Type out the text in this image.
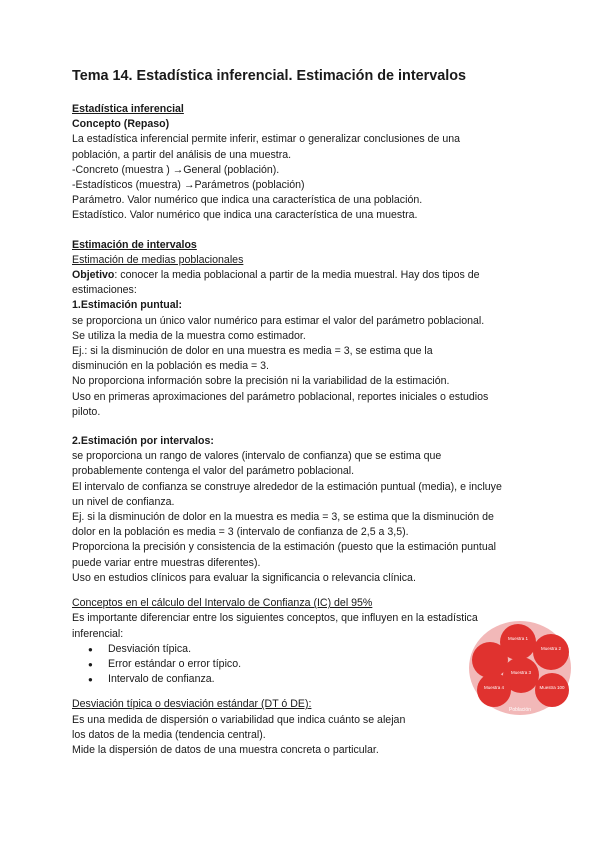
Tema 14. Estadística inferencial. Estimación de intervalos
Estadística inferencial
Concepto (Repaso)
La estadística inferencial permite inferir, estimar o generalizar conclusiones de una
población, a partir del análisis de una muestra.
-Concreto (muestra ) →General (población).
-Estadísticos (muestra) →Parámetros (población)
Parámetro. Valor numérico que indica una característica de una población.
Estadístico. Valor numérico que indica una característica de una muestra.
Estimación de intervalos
Estimación de medias poblacionales
Objetivo: conocer la media poblacional a partir de la media muestral. Hay dos tipos de
estimaciones:
1.Estimación puntual:
se proporciona un único valor numérico para estimar el valor del parámetro poblacional.
Se utiliza la media de la muestra como estimador.
Ej.: si la disminución de dolor en una muestra es media = 3, se estima que la
disminución en la población es media = 3.
No proporciona información sobre la precisión ni la variabilidad de la estimación.
Uso en primeras aproximaciones del parámetro poblacional, reportes iniciales o estudios
piloto.
2.Estimación por intervalos:
se proporciona un rango de valores (intervalo de confianza) que se estima que
probablemente contenga el valor del parámetro poblacional.
El intervalo de confianza se construye alrededor de la estimación puntual (media), e incluye
un nivel de confianza.
Ej. si la disminución de dolor en la muestra es media = 3, se estima que la disminución de
dolor en la población es media = 3 (intervalo de confianza de 2,5 a 3,5).
Proporciona la precisión y consistencia de la estimación (puesto que la estimación puntual
puede variar entre muestras diferentes).
Uso en estudios clínicos para evaluar la significancia o relevancia clínica.
Conceptos en el cálculo del Intervalo de Confianza (IC) del 95%
Es importante diferenciar entre los siguientes conceptos, que influyen en la estadística
inferencial:
● Desviación típica.
● Error estándar o error típico.
● Intervalo de confianza.
Desviación típica o desviación estándar (DT ó DE):
Es una medida de dispersión o variabilidad que indica cuánto se alejan
los datos de la media (tendencia central).
Mide la dispersión de datos de una muestra concreta o particular.
Muestra 1
Muestra 2
Muestra 3
Muestra 4	Muestra 100
Población
